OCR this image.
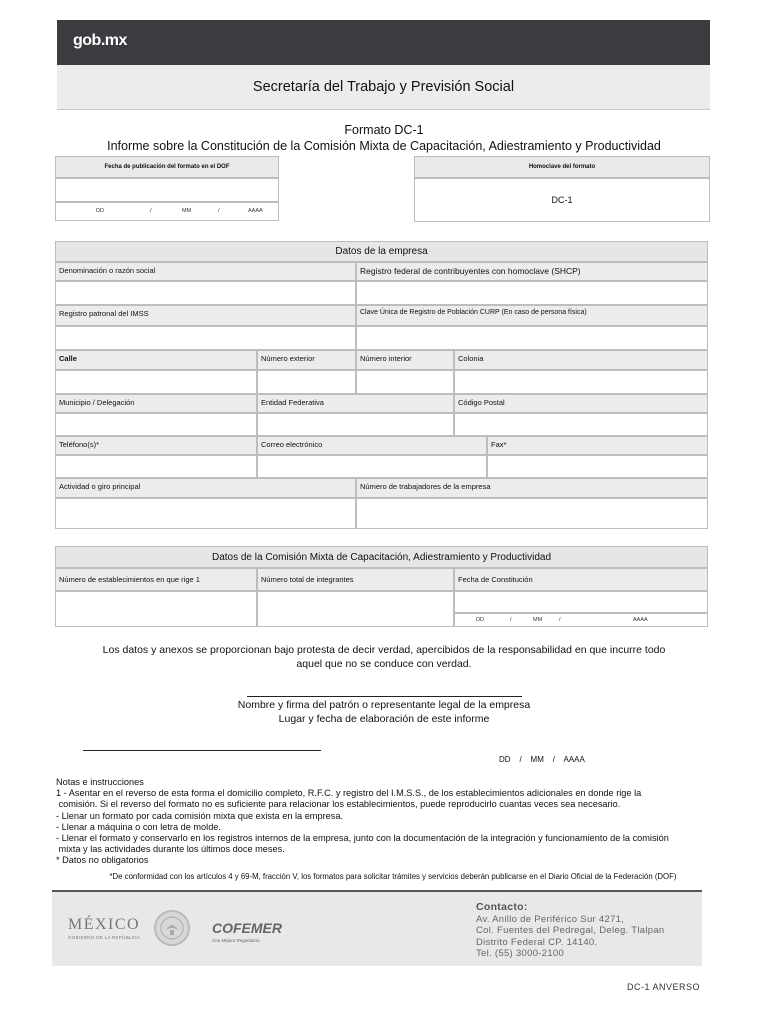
gob.mx
Secretaría del Trabajo y Previsión Social
Formato DC-1
Informe sobre la Constitución de la Comisión Mixta de Capacitación, Adiestramiento y Productividad
Fecha de publicación del formato en el DOF
DD	/	MM	/	AAAA
Homoclave del formato
DC-1
Datos de la empresa
Denominación o razón social	Registro federal de contribuyentes con homoclave (SHCP)
Registro patronal del IMSS	Clave Única de Registro de Población CURP (En caso de persona física)
Calle	Número exterior	Número interior	Colonia
Municipio / Delegación	Entidad Federativa	Código Postal
Teléfono(s)*	Correo electrónico	Fax*
Actividad o giro principal	Número de trabajadores de la empresa
Datos de la Comisión Mixta de Capacitación, Adiestramiento y Productividad
Número de establecimientos en que rige 1	Número total de integrantes	Fecha de Constitución
DD	/	MM	/	AAAA
Los datos y anexos se proporcionan bajo protesta de decir verdad, apercibidos de la responsabilidad en que incurre todo
aquel que no se conduce con verdad.
Nombre y firma del patrón o representante legal de la empresa
Lugar y fecha de elaboración de este informe
DD    /    MM    /    AAAA
Notas e instrucciones
1 - Asentar en el reverso de esta forma el domicilio completo, R.F.C. y registro del I.M.S.S., de los establecimientos adicionales en donde rige la
comisión. Si el reverso del formato no es suficiente para relacionar los establecimientos, puede reproducirlo cuantas veces sea necesario.
- Llenar un formato por cada comisión mixta que exista en la empresa.
- Llenar a máquina o con letra de molde.
- Llenar el formato y conservarlo en los registros internos de la empresa, junto con la documentación de la integración y funcionamiento de la comisión
mixta y las actividades durante los últimos doce meses.
* Datos no obligatorios
*De conformidad con los artículos 4 y 69-M, fracción V, los formatos para solicitar trámites y servicios deberán publicarse en el Diario Oficial de la Federación (DOF)
MÉXICO
GOBIERNO DE LA REPÚBLICA
COFEMER
Con Mejora Regulatoria
Contacto:
Av. Anillo de Periférico Sur 4271,
Col. Fuentes del Pedregal, Deleg. Tlalpan
Distrito Federal CP. 14140.
Tel. (55) 3000-2100
DC-1 ANVERSO
